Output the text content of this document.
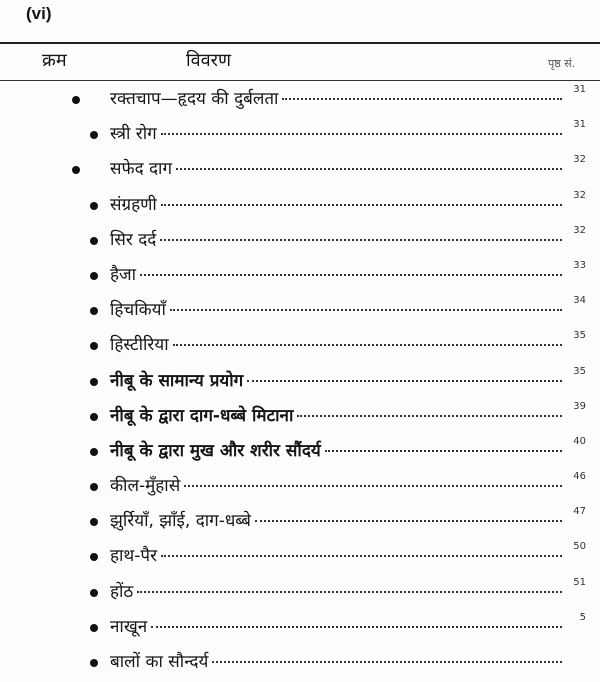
(vi)
क्रम	विवरण	पृष्ठ सं.
रक्तचाप—हृदय की दुर्बलता	31
स्त्री रोग	31
सफेद दाग	32
संग्रहणी	32
सिर दर्द	32
हैजा	33
हिचकियाँ	34
हिस्टीरिया	35
नीबू के सामान्य प्रयोग	35
नीबू के द्वारा दाग-धब्बे मिटाना	39
नीबू के द्वारा मुख और शरीर सौंदर्य	40
कील-मुँहासे	46
झुर्रियाँ, झाँई, दाग-धब्बे	47
हाथ-पैर	50
होंठ	51
नाखून	5
बालों का सौन्दर्य
